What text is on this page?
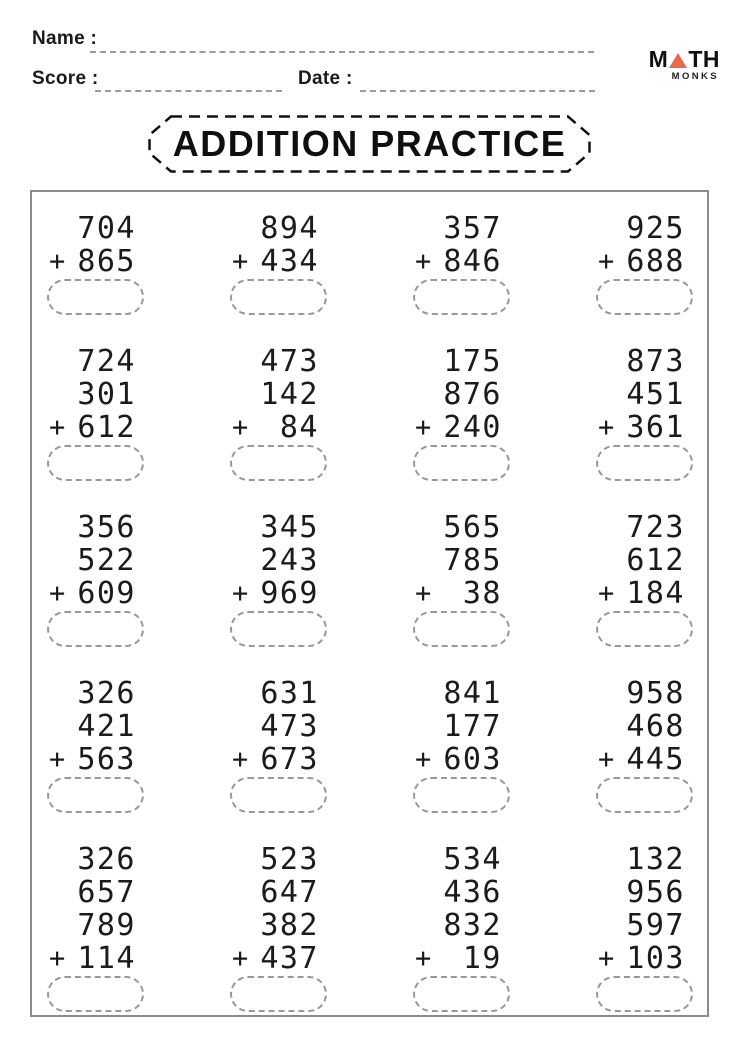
Name :
Score :	Date :
M TH
MONKS
ADDITION PRACTICE
704
+ 865
894
+ 434
357
+ 846
925
+ 688
724
301
+ 612
473
142
+ 84
175
876
+ 240
873
451
+ 361
356
522
+ 609
345
243
+ 969
565
785
+ 38
723
612
+ 184
326
421
+ 563
631
473
+ 673
841
177
+ 603
958
468
+ 445
326
657
789
+ 114
523
647
382
+ 437
534
436
832
+ 19
132
956
597
+ 103
